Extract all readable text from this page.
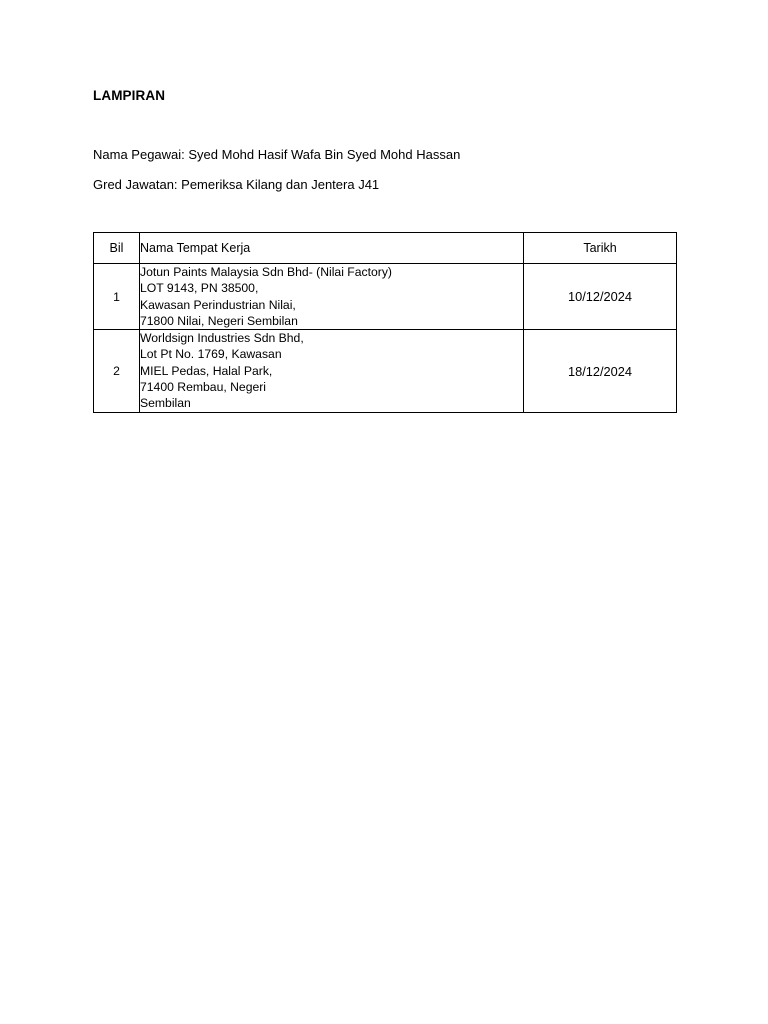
LAMPIRAN
Nama Pegawai: Syed Mohd Hasif Wafa Bin Syed Mohd Hassan
Gred Jawatan: Pemeriksa Kilang dan Jentera J41
Bil	Nama Tempat Kerja	Tarikh
1	Jotun Paints Malaysia Sdn Bhd- (Nilai Factory)
LOT 9143, PN 38500,
Kawasan Perindustrian Nilai,
71800 Nilai, Negeri Sembilan	10/12/2024
2	Worldsign Industries Sdn Bhd,
Lot Pt No. 1769, Kawasan
MIEL Pedas, Halal Park,
71400 Rembau, Negeri
Sembilan	18/12/2024
